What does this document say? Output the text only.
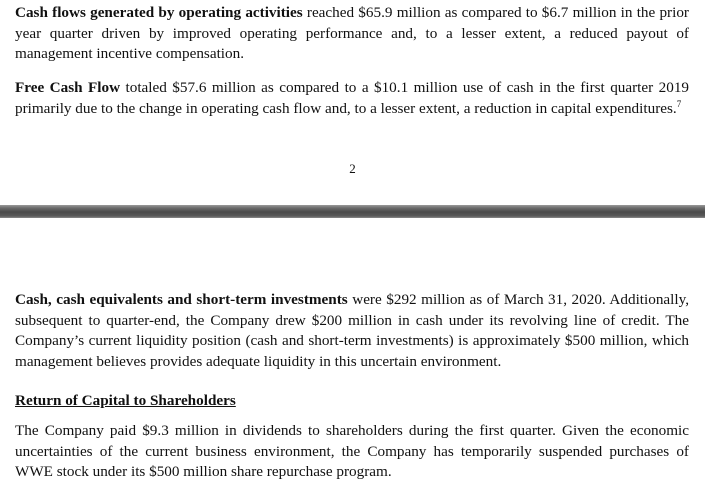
Cash flows generated by operating activities reached $65.9 million as compared to $6.7 million in the prior year quarter driven by improved operating performance and, to a lesser extent, a reduced payout of management incentive compensation.

Free Cash Flow totaled $57.6 million as compared to a $10.1 million use of cash in the first quarter 2019 primarily due to the change in operating cash flow and, to a lesser extent, a reduction in capital expenditures.$^7$

2

Cash, cash equivalents and short-term investments were $292 million as of March 31, 2020. Additionally, subsequent to quarter-end, the Company drew $200 million in cash under its revolving line of credit. The Company’s current liquidity position (cash and short-term investments) is approximately $500 million, which management believes provides adequate liquidity in this uncertain environment.

Return of Capital to Shareholders

The Company paid $9.3 million in dividends to shareholders during the first quarter. Given the economic uncertainties of the current business environment, the Company has temporarily suspended purchases of WWE stock under its $500 million share repurchase program.
